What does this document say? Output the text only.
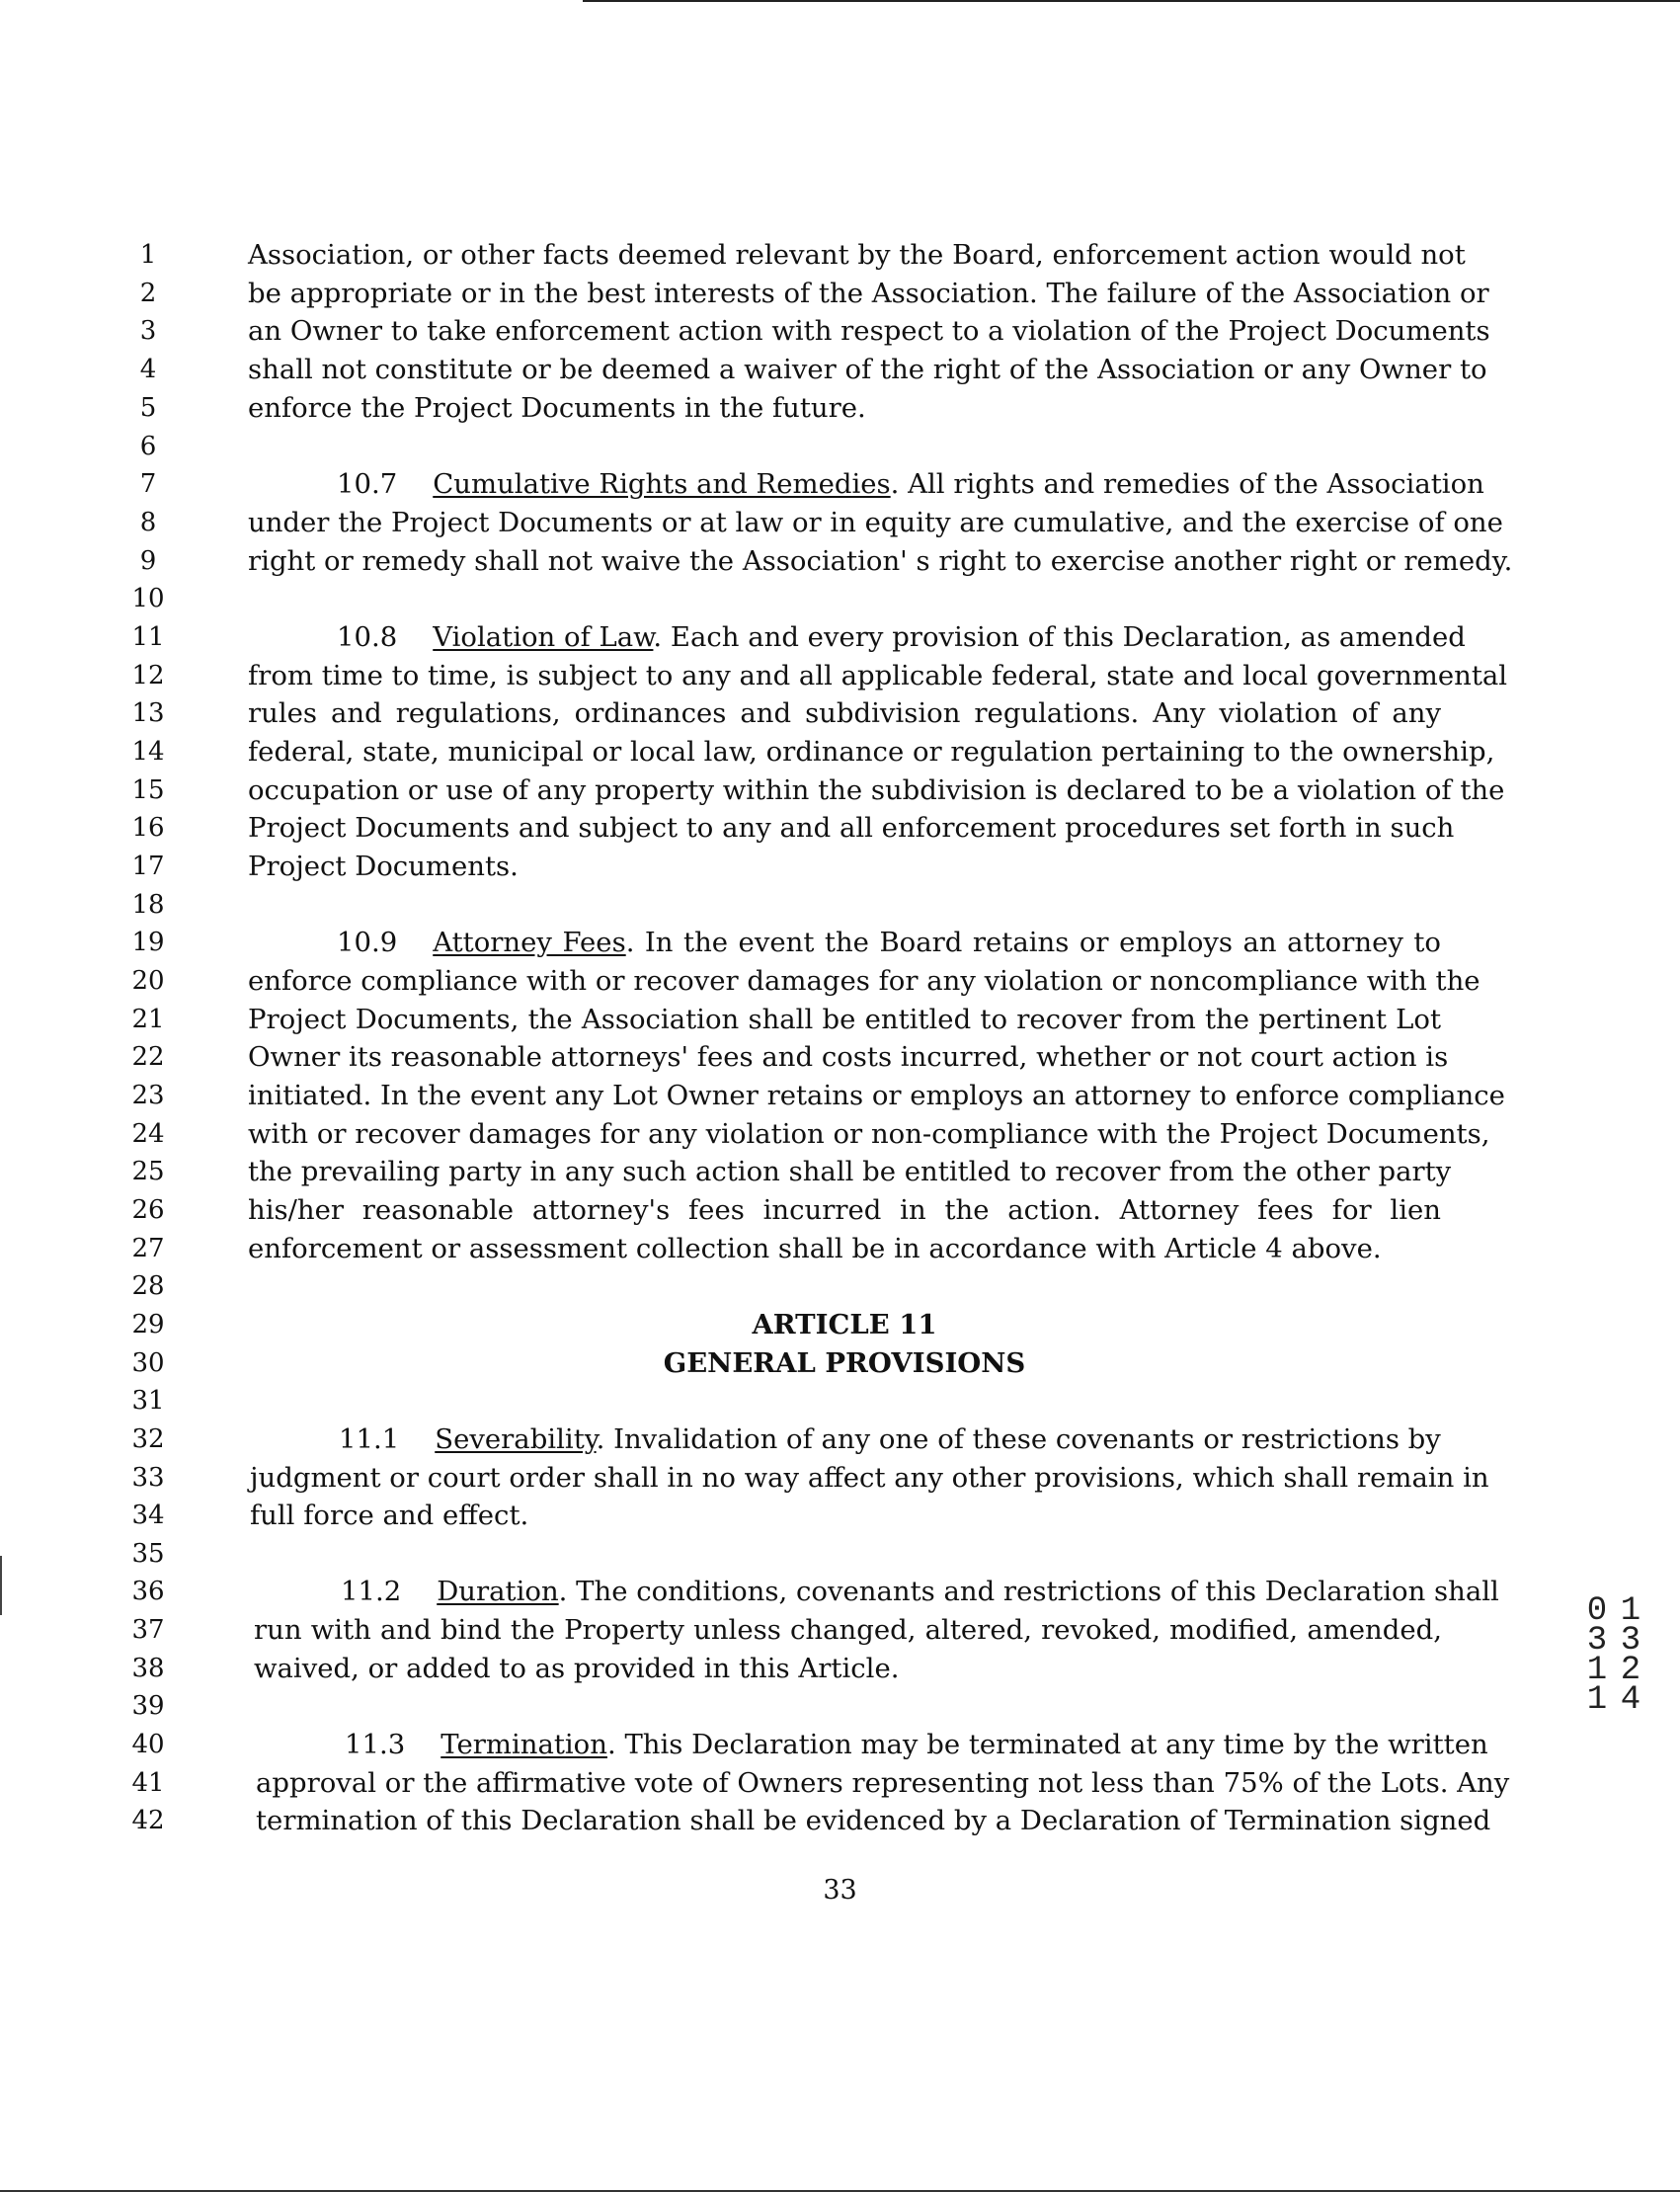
1	Association, or other facts deemed relevant by the Board, enforcement action would not
2	be appropriate or in the best interests of the Association. The failure of the Association or
3	an Owner to take enforcement action with respect to a violation of the Project Documents
4	shall not constitute or be deemed a waiver of the right of the Association or any Owner to
5	enforce the Project Documents in the future.
6
7	10.7 Cumulative Rights and Remedies. All rights and remedies of the Association
8	under the Project Documents or at law or in equity are cumulative, and the exercise of one
9	right or remedy shall not waive the Association' s right to exercise another right or remedy.
10
11	10.8 Violation of Law. Each and every provision of this Declaration, as amended
12	from time to time, is subject to any and all applicable federal, state and local governmental
13	rules and regulations, ordinances and subdivision regulations. Any violation of any
14	federal, state, municipal or local law, ordinance or regulation pertaining to the ownership,
15	occupation or use of any property within the subdivision is declared to be a violation of the
16	Project Documents and subject to any and all enforcement procedures set forth in such
17	Project Documents.
18
19	10.9 Attorney Fees. In the event the Board retains or employs an attorney to
20	enforce compliance with or recover damages for any violation or noncompliance with the
21	Project Documents, the Association shall be entitled to recover from the pertinent Lot
22	Owner its reasonable attorneys' fees and costs incurred, whether or not court action is
23	initiated. In the event any Lot Owner retains or employs an attorney to enforce compliance
24	with or recover damages for any violation or non-compliance with the Project Documents,
25	the prevailing party in any such action shall be entitled to recover from the other party
26	his/her reasonable attorney's fees incurred in the action. Attorney fees for lien
27	enforcement or assessment collection shall be in accordance with Article 4 above.
28
29	ARTICLE 11
30	GENERAL PROVISIONS
31
32	11.1 Severability. Invalidation of any one of these covenants or restrictions by
33	judgment or court order shall in no way affect any other provisions, which shall remain in
34	full force and effect.
35
36	11.2 Duration. The conditions, covenants and restrictions of this Declaration shall
37	run with and bind the Property unless changed, altered, revoked, modified, amended,
38	waived, or added to as provided in this Article.
39
40	11.3 Termination. This Declaration may be terminated at any time by the written
41	approval or the affirmative vote of Owners representing not less than 75% of the Lots. Any
42	termination of this Declaration shall be evidenced by a Declaration of Termination signed
33
1324 0311
